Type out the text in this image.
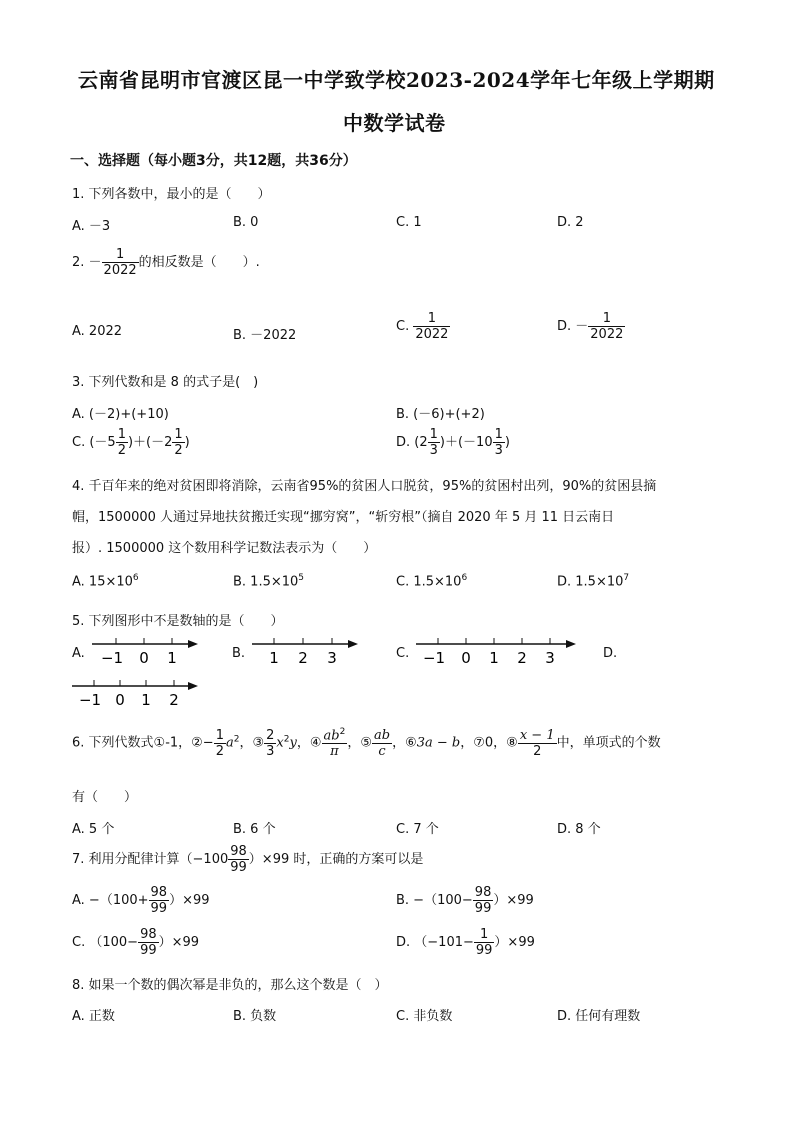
云南省昆明市官渡区昆一中学致学校2023-2024学年七年级上学期期
中数学试卷
一、选择题（每小题3分，共12题，共36分）
1. 下列各数中，最小的是（　　）
A. －3	B. 0	C. 1	D. 2
2. － $\frac{1}{2022}$ 的相反数是（　　）.
A. 2022	B. －2022
C. $\frac{1}{2022}$	D. － $\frac{1}{2022}$
3. 下列代数和是 8 的式子是(　)
A. (－2)+(+10)	B. (－6)+(+2)
C. $(-5 \frac{1}{2} )+(-2 \frac{1}{2}$ )	D. $(2 \frac{1}{3} )+(-10 \frac{1}{3}$ )
4. 千百年来的绝对贫困即将消除，云南省95%的贫困人口脱贫，95%的贫困村出列，90%的贫困县摘
帽，1500000 人通过异地扶贫搬迁实现“挪穷窝”，“斩穷根”（摘自 2020 年 5 月 11 日云南日
报）. 1500000 这个数用科学记数法表示为（　　）
A. $15\times 10^6$	B. $1.5\times 10^5$	C. $1.5\times 10^6$	D. $1.5\times 10^7$
5. 下列图形中不是数轴的是（　　）
A.	B.	C.	D.
−1 0 1	1 2 3	−1 0 1 2 3
−1 0 1 2
6. 下列代数式①-1，②− $\frac{1}{2} a^2$，③ $\frac{2}{3} x^2y$，④ $\frac{ab^2}{\pi}$ ，⑤ $\frac{ab}{c}$ ，⑥3a − b，⑦0，⑧ $\frac{x - 1}{2}$ 中，单项式的个数
有（　　）
A. 5 个	B. 6 个	C. 7 个	D. 8 个
7. 利用分配律计算$(-100 \frac{98}{99} )\times 99$ 时，正确的方案可以是
A. $-(100+ \frac{98}{99} )\times 99$	B. $-(100- \frac{98}{99} )\times 99$
C. $(100- \frac{98}{99} )\times 99$	D. $(-101- \frac{1}{99} )\times 99$
8. 如果一个数的偶次幂是非负的，那么这个数是（　）
A. 正数	B. 负数	C. 非负数	D. 任何有理数
